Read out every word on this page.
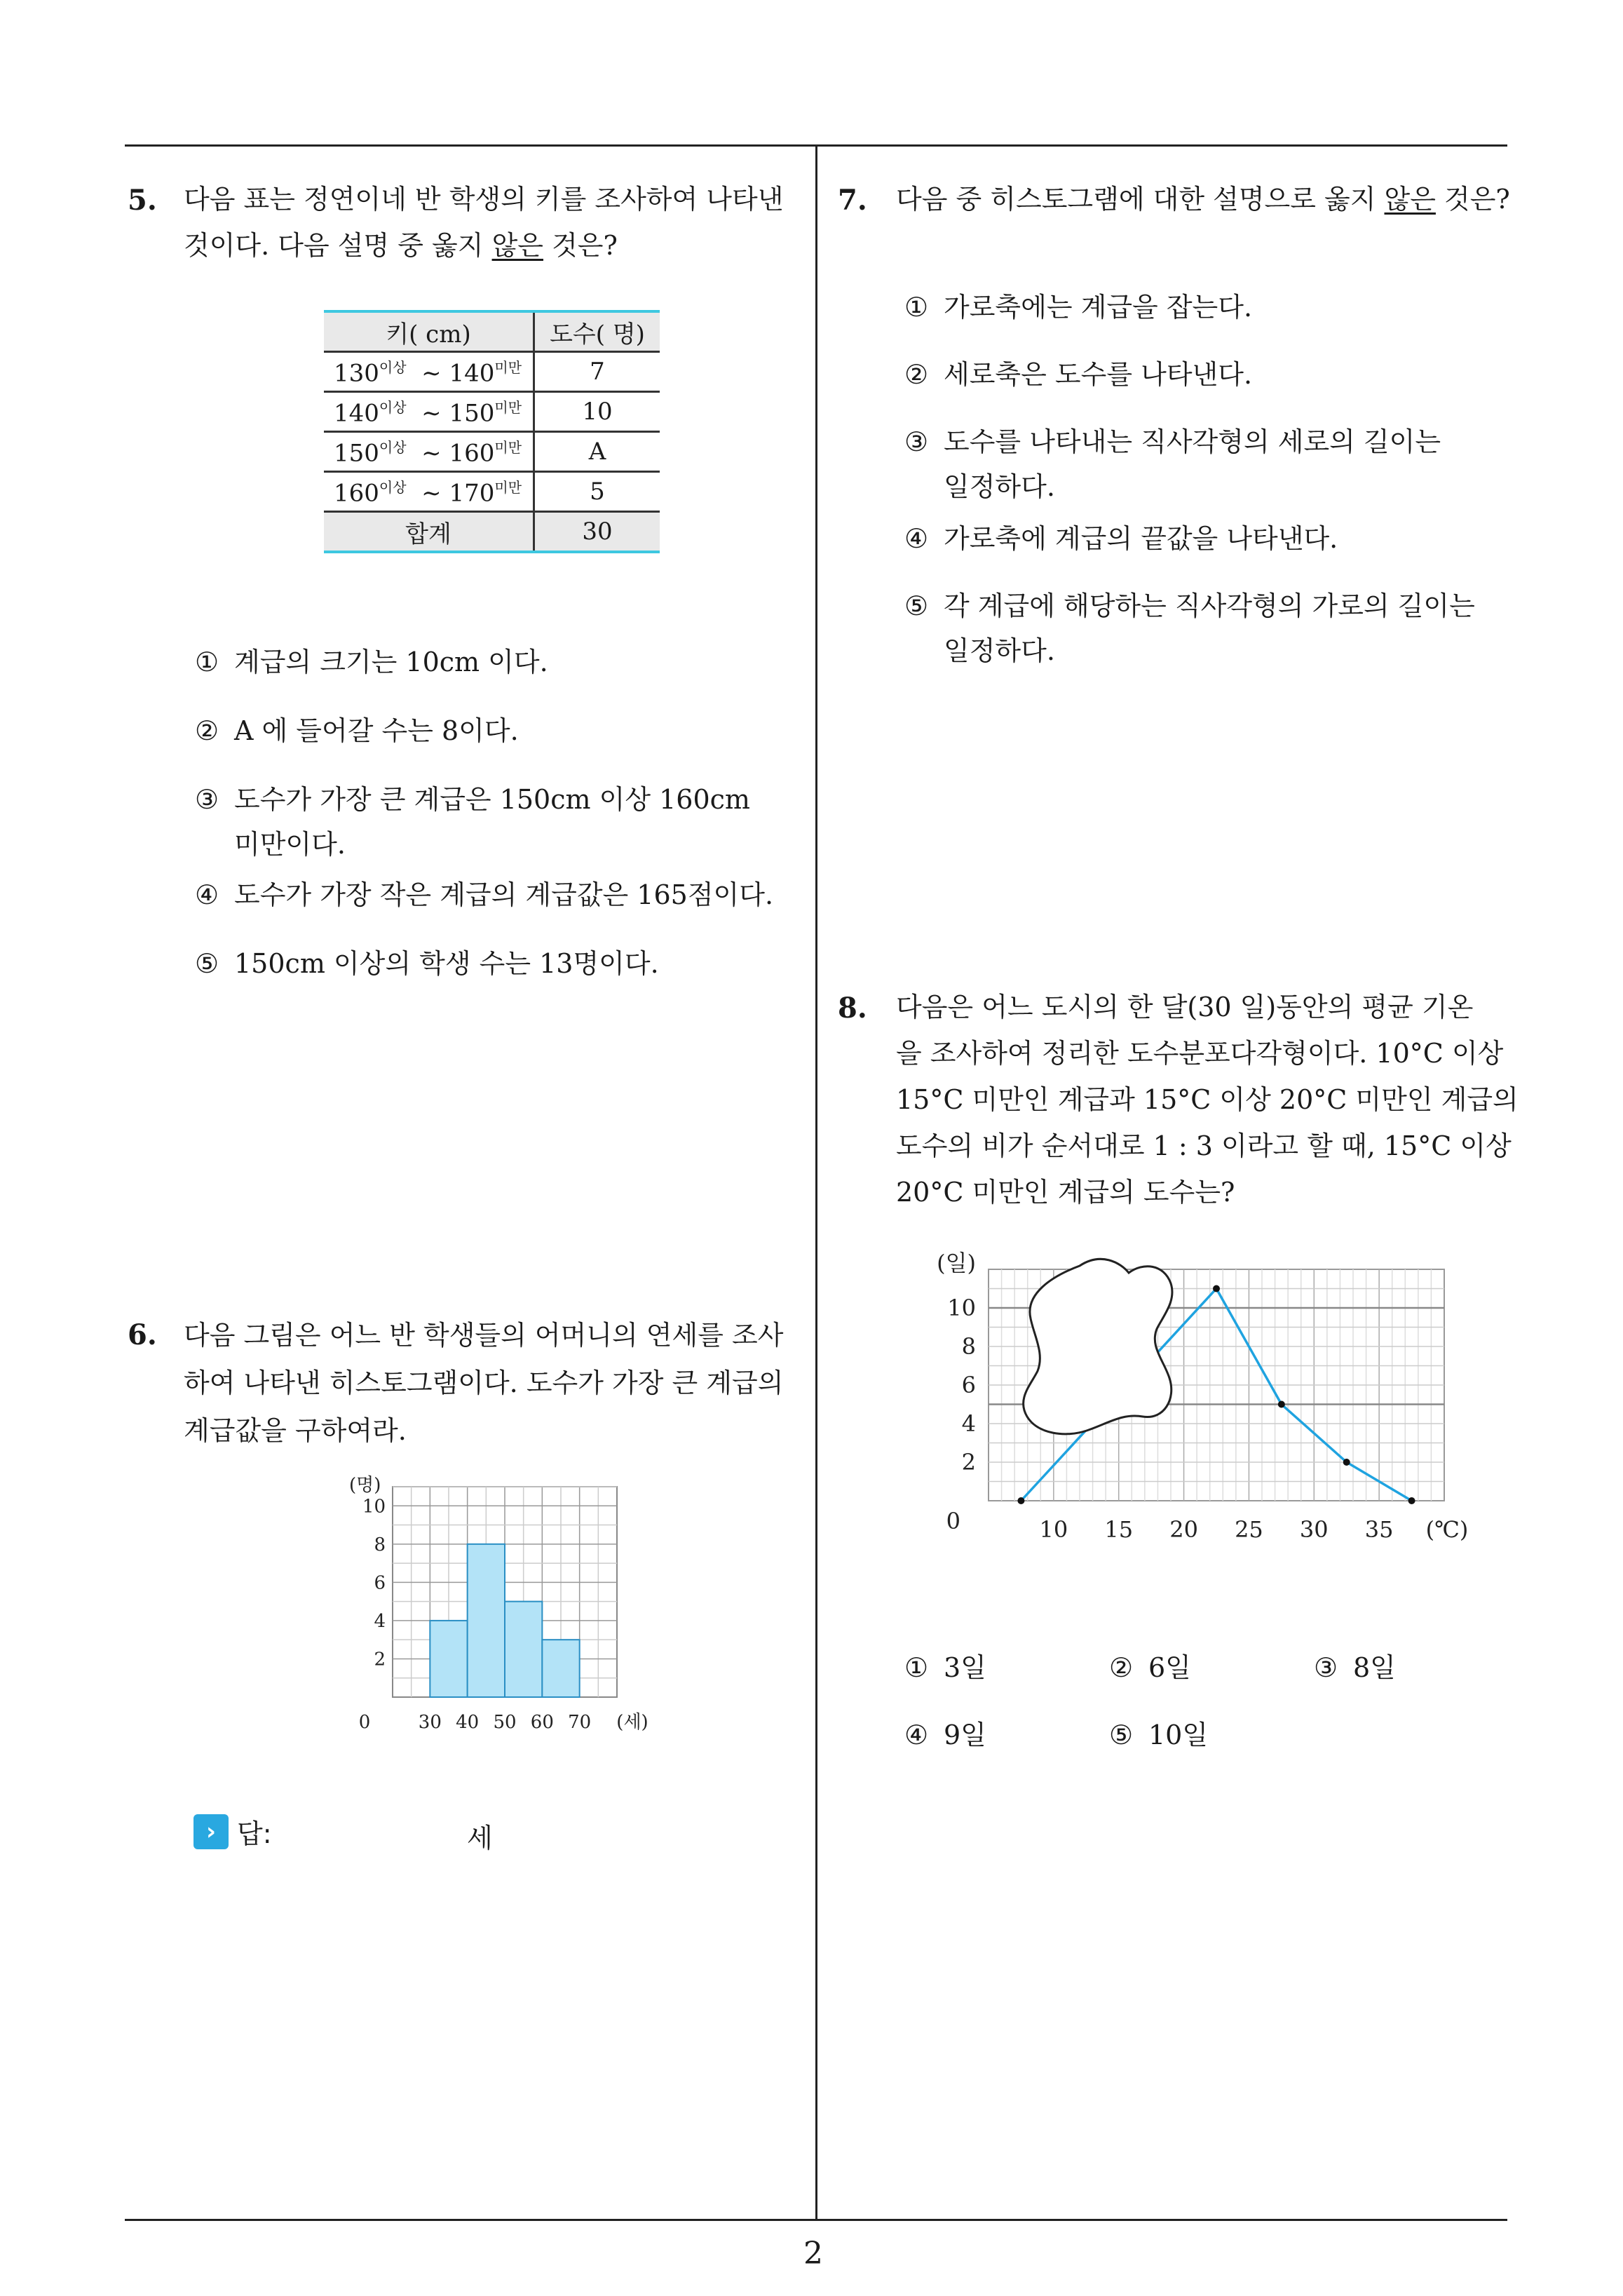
5. 다음 표는 정연이네 반 학생의 키를 조사하여 나타낸
것이다. 다음 설명 중 옳지 않은 것은?
키( cm)	도수( 명)
$130^{이상}$ ∼ $140^{미만}$	7
$140^{이상}$ ∼ $150^{미만}$	10
$150^{이상}$ ∼ $160^{미만}$	A
$160^{이상}$ ∼ $170^{미만}$	5
합계	30
① 계급의 크기는 10cm 이다.
② A 에 들어갈 수는 8이다.
③ 도수가 가장 큰 계급은 150cm 이상 160cm
미만이다.
④ 도수가 가장 작은 계급의 계급값은 165점이다.
⑤ 150cm 이상의 학생 수는 13명이다.
6. 다음 그림은 어느 반 학생들의 어머니의 연세를 조사
하여 나타낸 히스토그램이다. 도수가 가장 큰 계급의
계급값을 구하여라.
(명)
2
4
6
8
10
0	30 40 50 60 70 (세)
› 답:	세
7. 다음 중 히스토그램에 대한 설명으로 옳지 않은 것은?
① 가로축에는 계급을 잡는다.
② 세로축은 도수를 나타낸다.
③ 도수를 나타내는 직사각형의 세로의 길이는
일정하다.
④ 가로축에 계급의 끝값을 나타낸다.
⑤ 각 계급에 해당하는 직사각형의 가로의 길이는
일정하다.
8. 다음은 어느 도시의 한 달(30 일)동안의 평균 기온
을 조사하여 정리한 도수분포다각형이다. 10°C 이상
15°C 미만인 계급과 15°C 이상 20°C 미만인 계급의
도수의 비가 순서대로 1 : 3 이라고 할 때, 15°C 이상
20°C 미만인 계급의 도수는?
(일)
2
4
6
8
10
0	10 15 20 25 30 35 (℃)
① 3일	② 6일	③ 8일
④ 9일	⑤ 10일
2
